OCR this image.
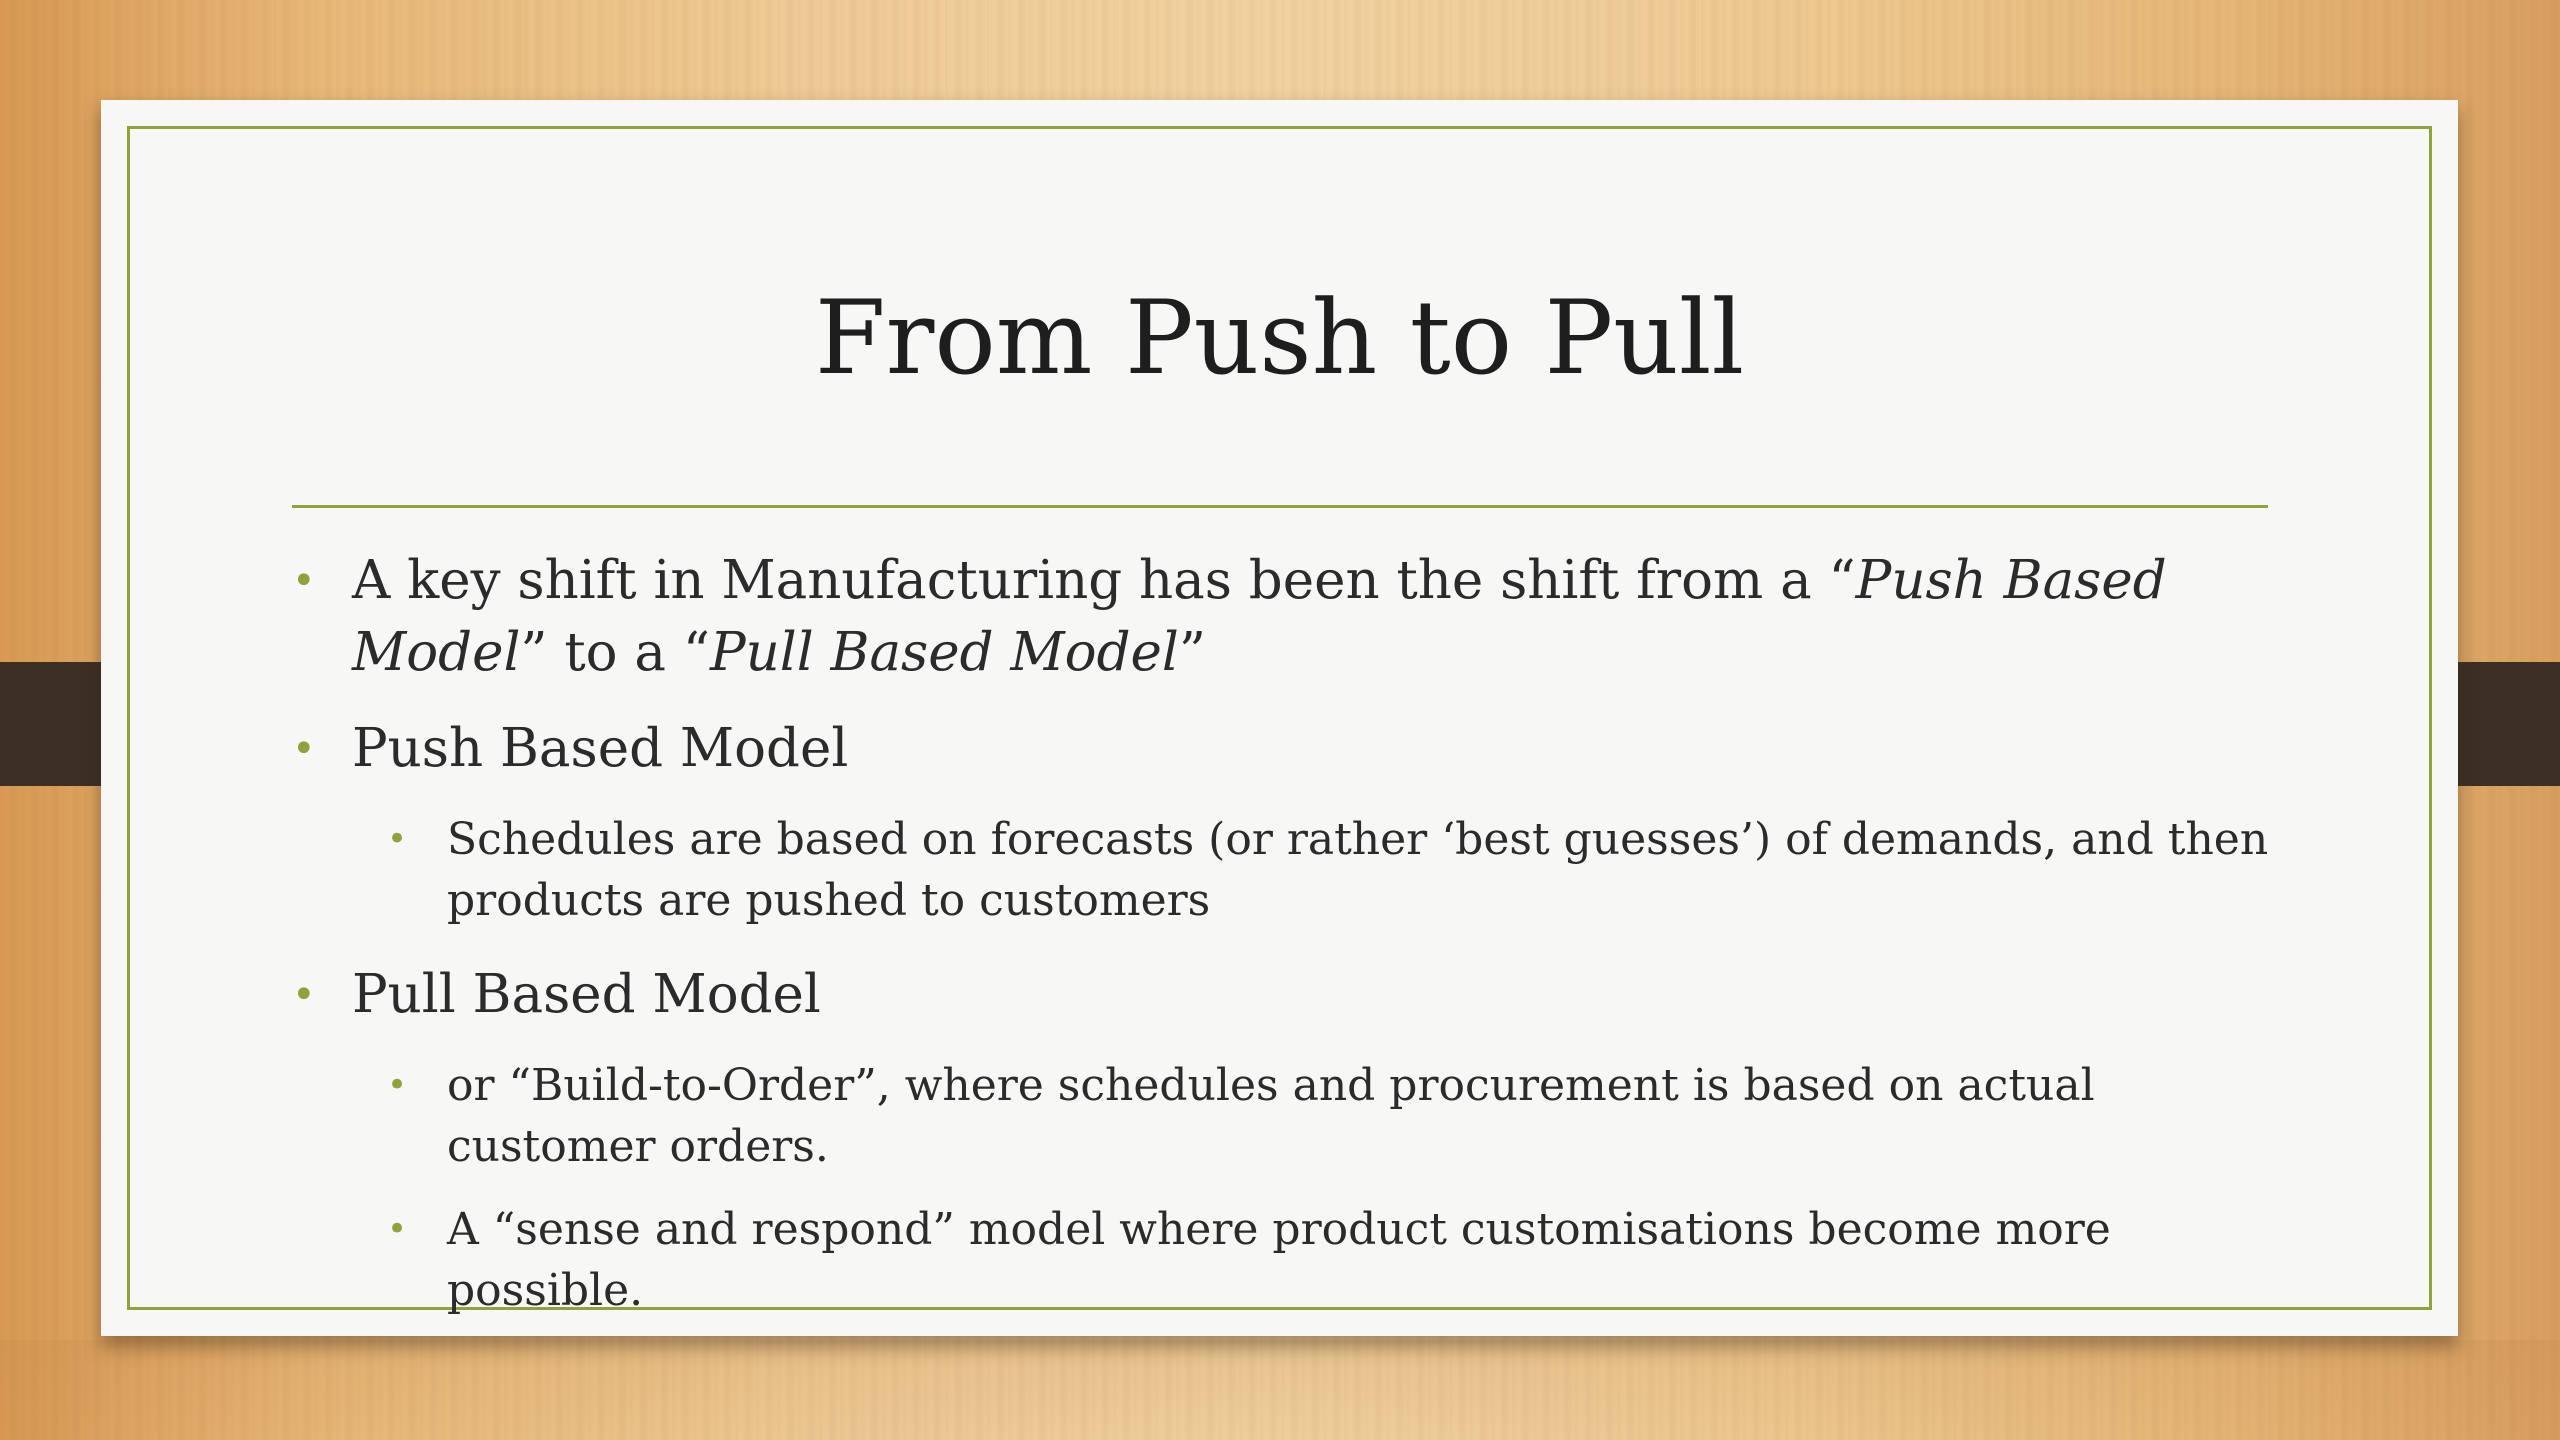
From Push to Pull
• A key shift in Manufacturing has been the shift from a “Push Based Model” to a “Pull Based Model”
• Push Based Model
• Schedules are based on forecasts (or rather ‘best guesses’) of demands, and then products are pushed to customers
• Pull Based Model
• or “Build-to-Order”, where schedules and procurement is based on actual customer orders.
• A “sense and respond” model where product customisations become more possible.
